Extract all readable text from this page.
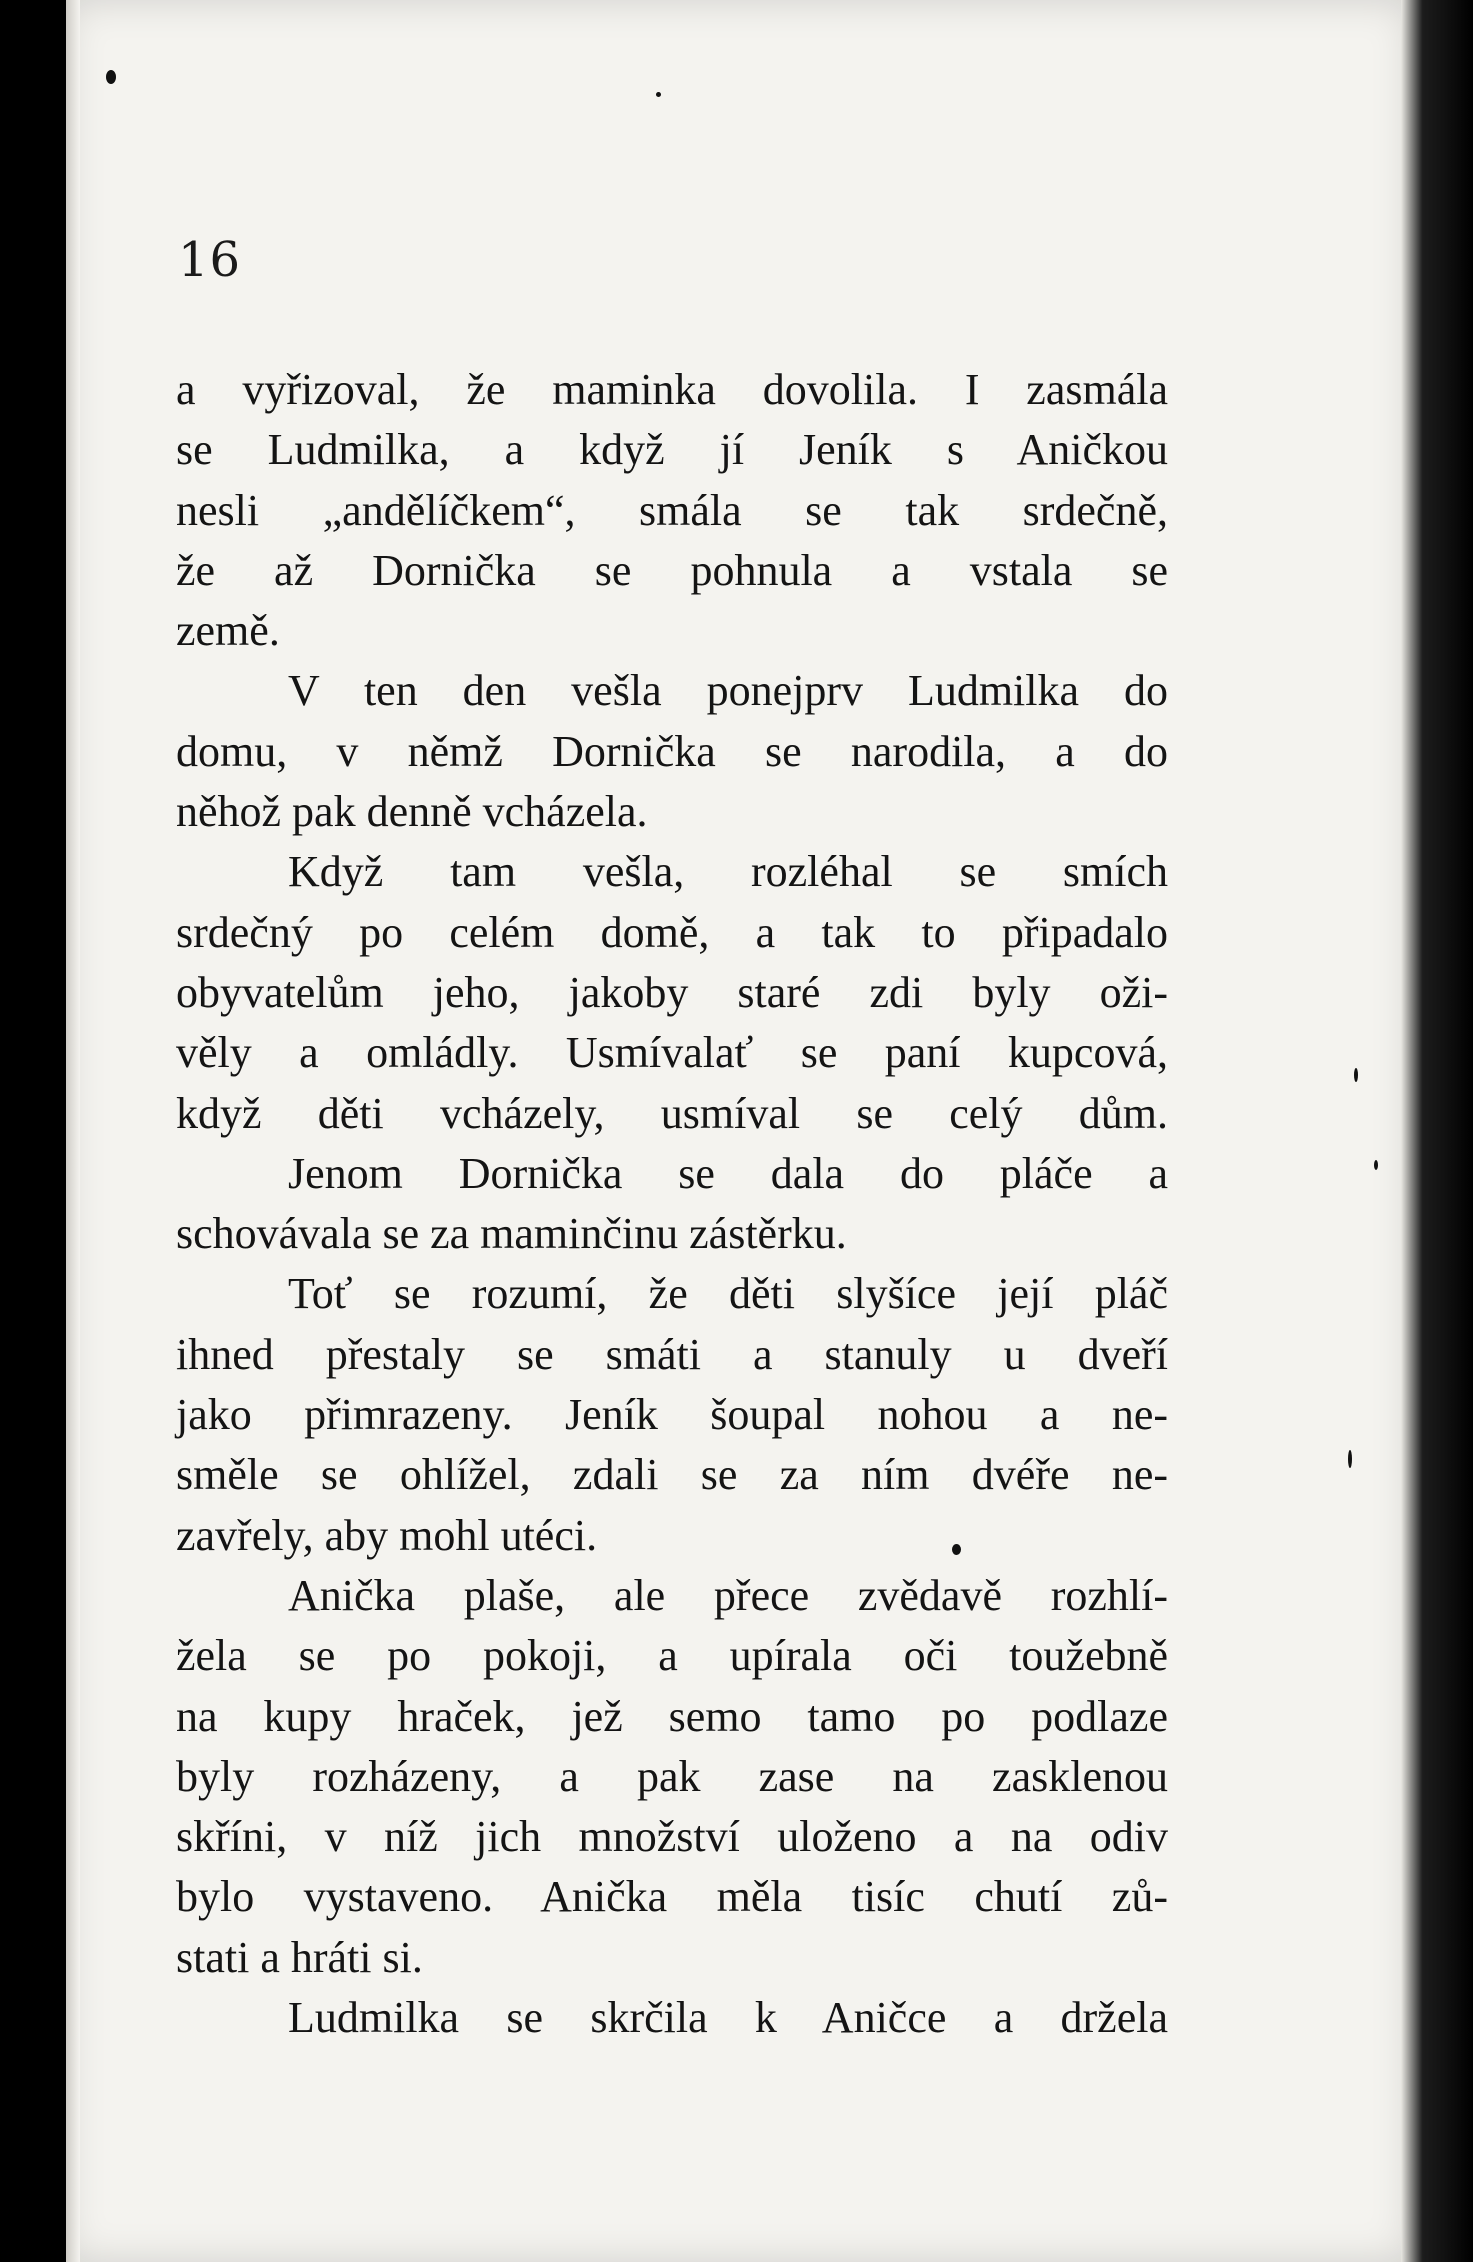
16
a vyřizoval, že maminka dovolila. I zasmála
se Ludmilka, a když jí Jeník s Aničkou
nesli „andělíčkem“, smála se tak srdečně,
že až Dornička se pohnula a vstala se
země.
V ten den vešla ponejprv Ludmilka do
domu, v němž Dornička se narodila, a do
něhož pak denně vcházela.
Když tam vešla, rozléhal se smích
srdečný po celém domě, a tak to připadalo
obyvatelům jeho, jakoby staré zdi byly oži-
věly a omládly. Usmívalať se paní kupcová,
když děti vcházely, usmíval se celý dům.
Jenom Dornička se dala do pláče a
schovávala se za maminčinu zástěrku.
Toť se rozumí, že děti slyšíce její pláč
ihned přestaly se smáti a stanuly u dveří
jako přimrazeny. Jeník šoupal nohou a ne-
směle se ohlížel, zdali se za ním dvéře ne-
zavřely, aby mohl utéci.
Anička plaše, ale přece zvědavě rozhlí-
žela se po pokoji, a upírala oči toužebně
na kupy hraček, jež semo tamo po podlaze
byly rozházeny, a pak zase na zasklenou
skříni, v níž jich množství uloženo a na odiv
bylo vystaveno. Anička měla tisíc chutí zů-
stati a hráti si.
Ludmilka se skrčila k Aničce a držela
